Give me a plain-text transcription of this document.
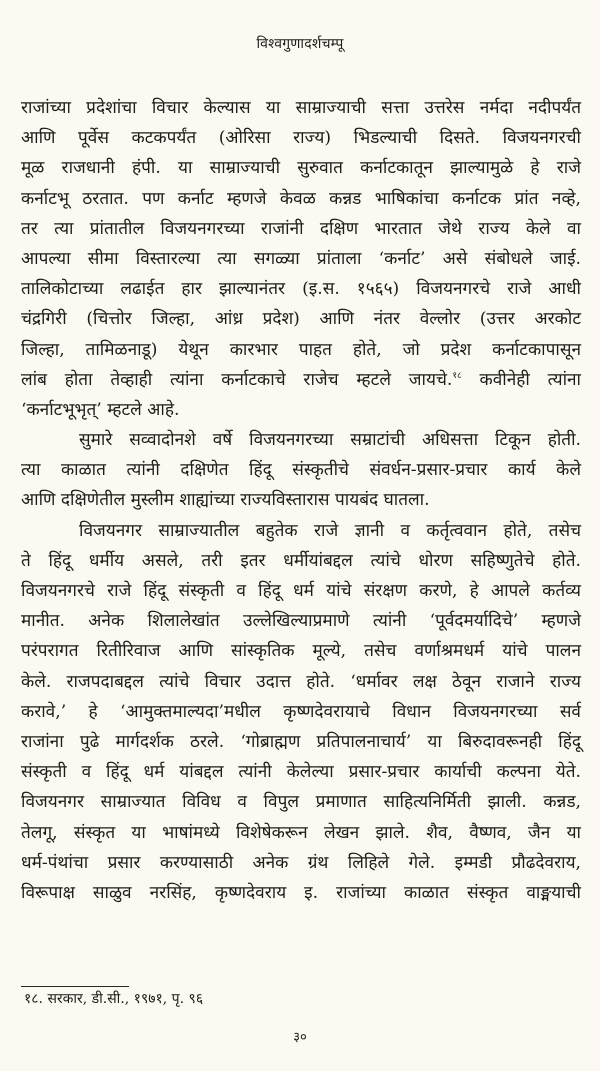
विश्वगुणादर्शचम्पू
राजांच्या प्रदेशांचा विचार केल्यास या साम्राज्याची सत्ता उत्तरेस नर्मदा नदीपर्यंत
आणि पूर्वेस कटकपर्यंत (ओरिसा राज्य) भिडल्याची दिसते. विजयनगरची
मूळ राजधानी हंपी. या साम्राज्याची सुरुवात कर्नाटकातून झाल्यामुळे हे राजे
कर्नाटभू ठरतात. पण कर्नाट म्हणजे केवळ कन्नड भाषिकांचा कर्नाटक प्रांत नव्हे,
तर त्या प्रांतातील विजयनगरच्या राजांनी दक्षिण भारतात जेथे राज्य केले वा
आपल्या सीमा विस्तारल्या त्या सगळ्या प्रांताला ‘कर्नाट’ असे संबोधले जाई.
तालिकोटाच्या लढाईत हार झाल्यानंतर (इ.स. १५६५) विजयनगरचे राजे आधी
चंद्रगिरी (चित्तोर जिल्हा, आंध्र प्रदेश) आणि नंतर वेल्लोर (उत्तर अरकोट
जिल्हा, तामिळनाडू) येथून कारभार पाहत होते, जो प्रदेश कर्नाटकापासून
लांब होता तेव्हाही त्यांना कर्नाटकाचे राजेच म्हटले जायचे.$^{१८}$ कवीनेही त्यांना
‘कर्नाटभूभृत्’ म्हटले आहे.
सुमारे सव्वादोनशे वर्षे विजयनगरच्या सम्राटांची अधिसत्ता टिकून होती.
त्या काळात त्यांनी दक्षिणेत हिंदू संस्कृतीचे संवर्धन-प्रसार-प्रचार कार्य केले
आणि दक्षिणेतील मुस्लीम शाह्यांच्या राज्यविस्तारास पायबंद घातला.
विजयनगर साम्राज्यातील बहुतेक राजे ज्ञानी व कर्तृत्ववान होते, तसेच
ते हिंदू धर्मीय असले, तरी इतर धर्मीयांबद्दल त्यांचे धोरण सहिष्णुतेचे होते.
विजयनगरचे राजे हिंदू संस्कृती व हिंदू धर्म यांचे संरक्षण करणे, हे आपले कर्तव्य
मानीत. अनेक शिलालेखांत उल्लेखिल्याप्रमाणे त्यांनी ‘पूर्वदमर्यादिचे’ म्हणजे
परंपरागत रितीरिवाज आणि सांस्कृतिक मूल्ये, तसेच वर्णाश्रमधर्म यांचे पालन
केले. राजपदाबद्दल त्यांचे विचार उदात्त होते. ‘धर्मावर लक्ष ठेवून राजाने राज्य
करावे,’ हे ‘आमुक्तमाल्यदा’मधील कृष्णदेवरायाचे विधान विजयनगरच्या सर्व
राजांना पुढे मार्गदर्शक ठरले. ‘गोब्राह्मण प्रतिपालनाचार्य’ या बिरुदावरूनही हिंदू
संस्कृती व हिंदू धर्म यांबद्दल त्यांनी केलेल्या प्रसार-प्रचार कार्याची कल्पना येते.
विजयनगर साम्राज्यात विविध व विपुल प्रमाणात साहित्यनिर्मिती झाली. कन्नड,
तेलगू, संस्कृत या भाषांमध्ये विशेषेकरून लेखन झाले. शैव, वैष्णव, जैन या
धर्म-पंथांचा प्रसार करण्यासाठी अनेक ग्रंथ लिहिले गेले. इम्मडी प्रौढदेवराय,
विरूपाक्ष साळुव नरसिंह, कृष्णदेवराय इ. राजांच्या काळात संस्कृत वाङ्मयाची
१८. सरकार, डी.सी., १९७१, पृ. ९६
३०
